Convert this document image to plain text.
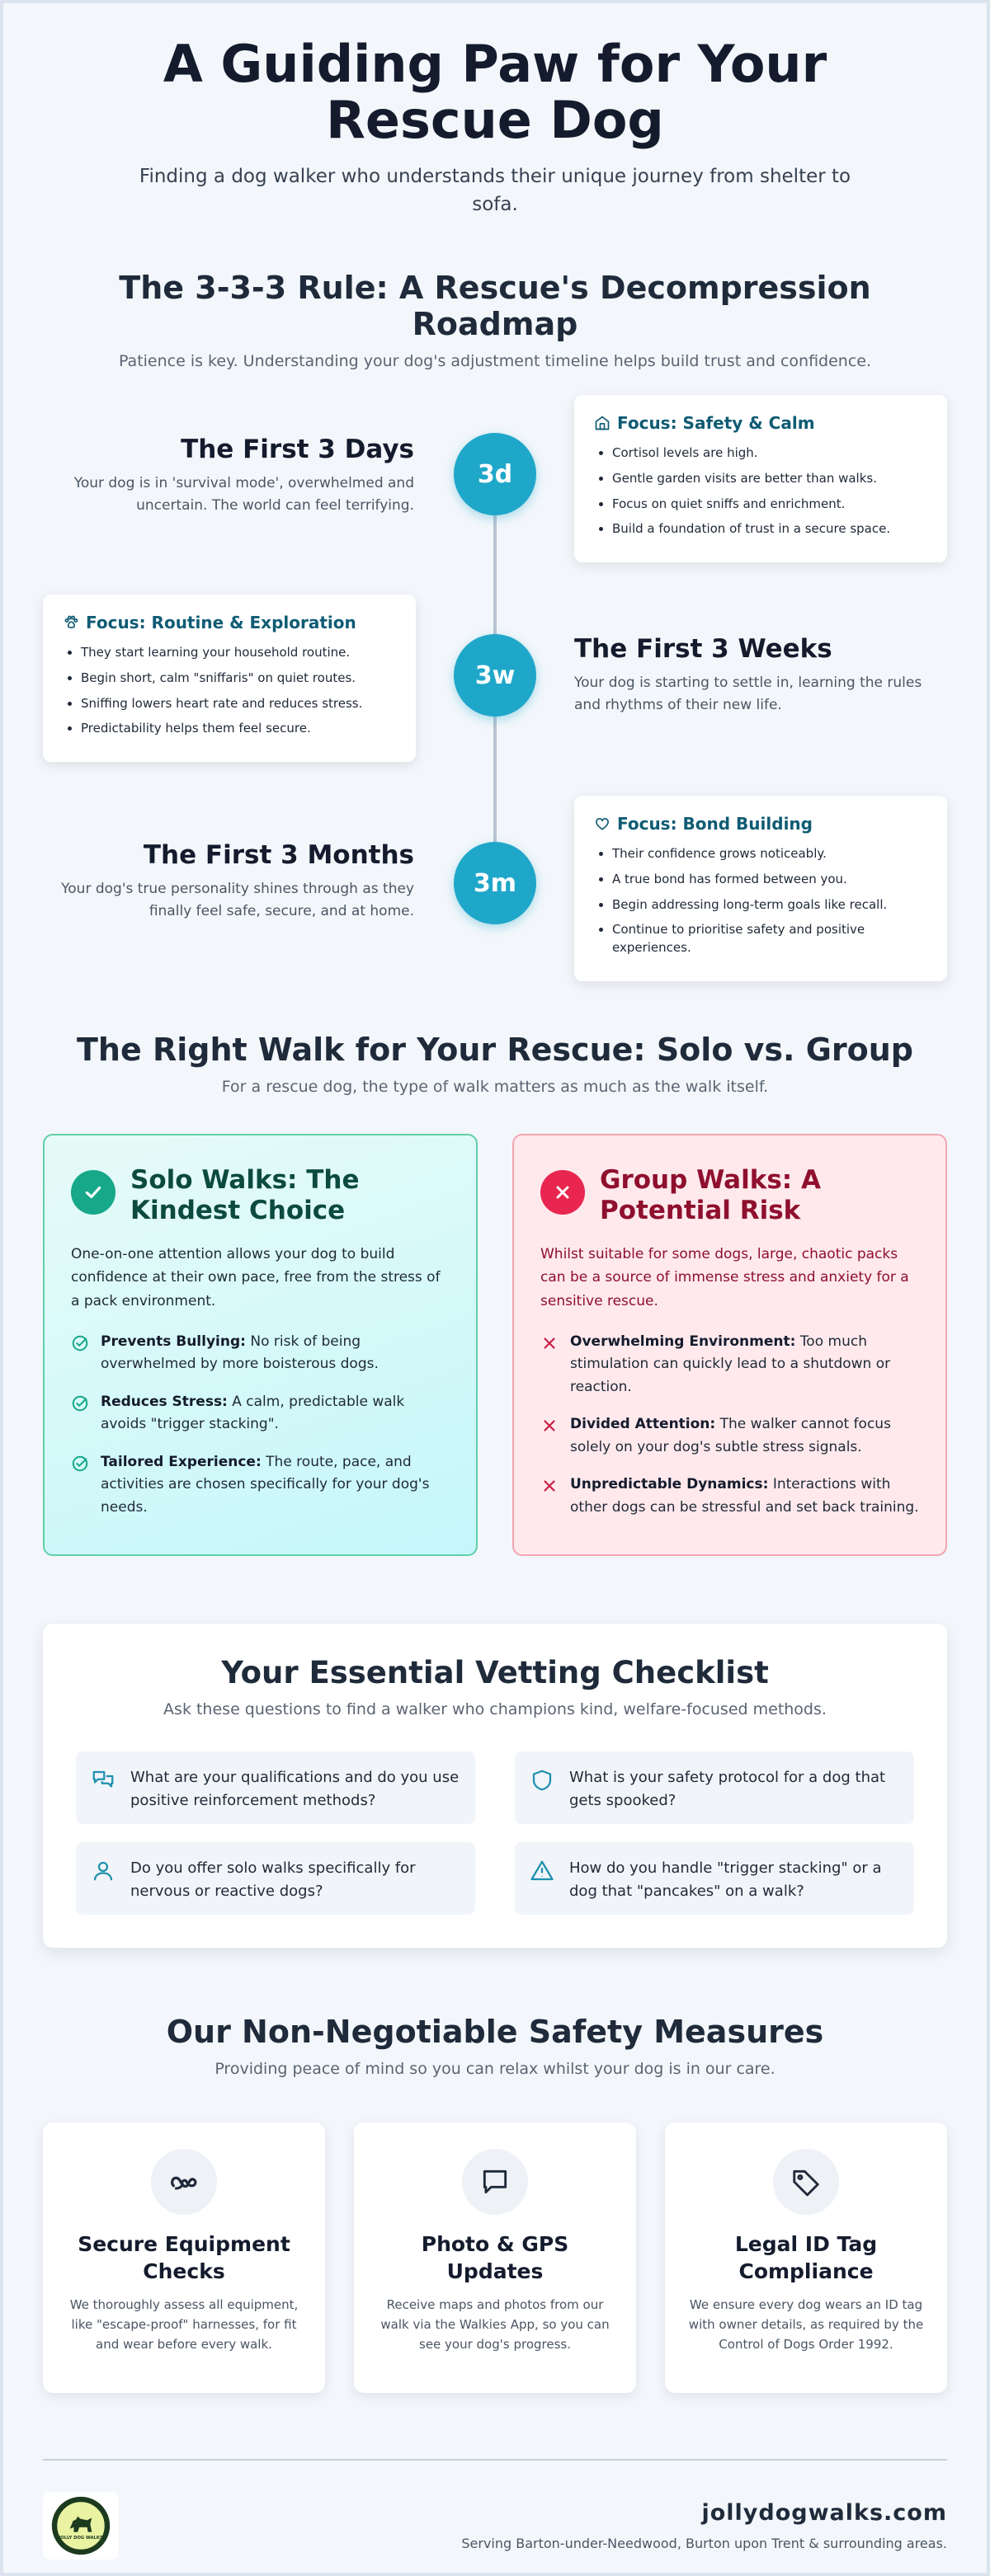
A Guiding Paw for Your Rescue Dog

Finding a dog walker who understands their unique journey from shelter to sofa.

The 3-3-3 Rule: A Rescue's Decompression Roadmap

Patience is key. Understanding your dog's adjustment timeline helps build trust and confidence.

The First 3 Days

Your dog is in 'survival mode', overwhelmed and uncertain. The world can feel terrifying.

3d
Focus: Safety & Calm
• Cortisol levels are high.
• Gentle garden visits are better than walks.
• Focus on quiet sniffs and enrichment.
• Build a foundation of trust in a secure space.
Focus: Routine & Exploration
• They start learning your household routine.
• Begin short, calm "sniffaris" on quiet routes.
• Sniffing lowers heart rate and reduces stress.
• Predictability helps them feel secure.
3w
The First 3 Weeks

Your dog is starting to settle in, learning the rules and rhythms of their new life.

The First 3 Months

Your dog's true personality shines through as they finally feel safe, secure, and at home.

3m
Focus: Bond Building
• Their confidence grows noticeably.
• A true bond has formed between you.
• Begin addressing long-term goals like recall.
• Continue to prioritise safety and positive experiences.
The Right Walk for Your Rescue: Solo vs. Group

For a rescue dog, the type of walk matters as much as the walk itself.

Solo Walks: The Kindest Choice

One-on-one attention allows your dog to build confidence at their own pace, free from the stress of a pack environment.

Prevents Bullying: No risk of being overwhelmed by more boisterous dogs.

Reduces Stress: A calm, predictable walk avoids "trigger stacking".

Tailored Experience: The route, pace, and activities are chosen specifically for your dog's needs.

Group Walks: A Potential Risk

Whilst suitable for some dogs, large, chaotic packs can be a source of immense stress and anxiety for a sensitive rescue.

Overwhelming Environment: Too much stimulation can quickly lead to a shutdown or reaction.

Divided Attention: The walker cannot focus solely on your dog's subtle stress signals.

Unpredictable Dynamics: Interactions with other dogs can be stressful and set back training.

Your Essential Vetting Checklist

Ask these questions to find a walker who champions kind, welfare-focused methods.

What are your qualifications and do you use positive reinforcement methods?

What is your safety protocol for a dog that gets spooked?

Do you offer solo walks specifically for nervous or reactive dogs?

How do you handle "trigger stacking" or a dog that "pancakes" on a walk?

Our Non-Negotiable Safety Measures

Providing peace of mind so you can relax whilst your dog is in our care.

Secure Equipment Checks

We thoroughly assess all equipment, like "escape-proof" harnesses, for fit and wear before every walk.

Photo & GPS Updates

Receive maps and photos from our walk via the Walkies App, so you can see your dog's progress.

Legal ID Tag Compliance

We ensure every dog wears an ID tag with owner details, as required by the Control of Dogs Order 1992.

JOLLY DOG WALKS
jollydogwalks.com
Serving Barton-under-Needwood, Burton upon Trent & surrounding areas.
